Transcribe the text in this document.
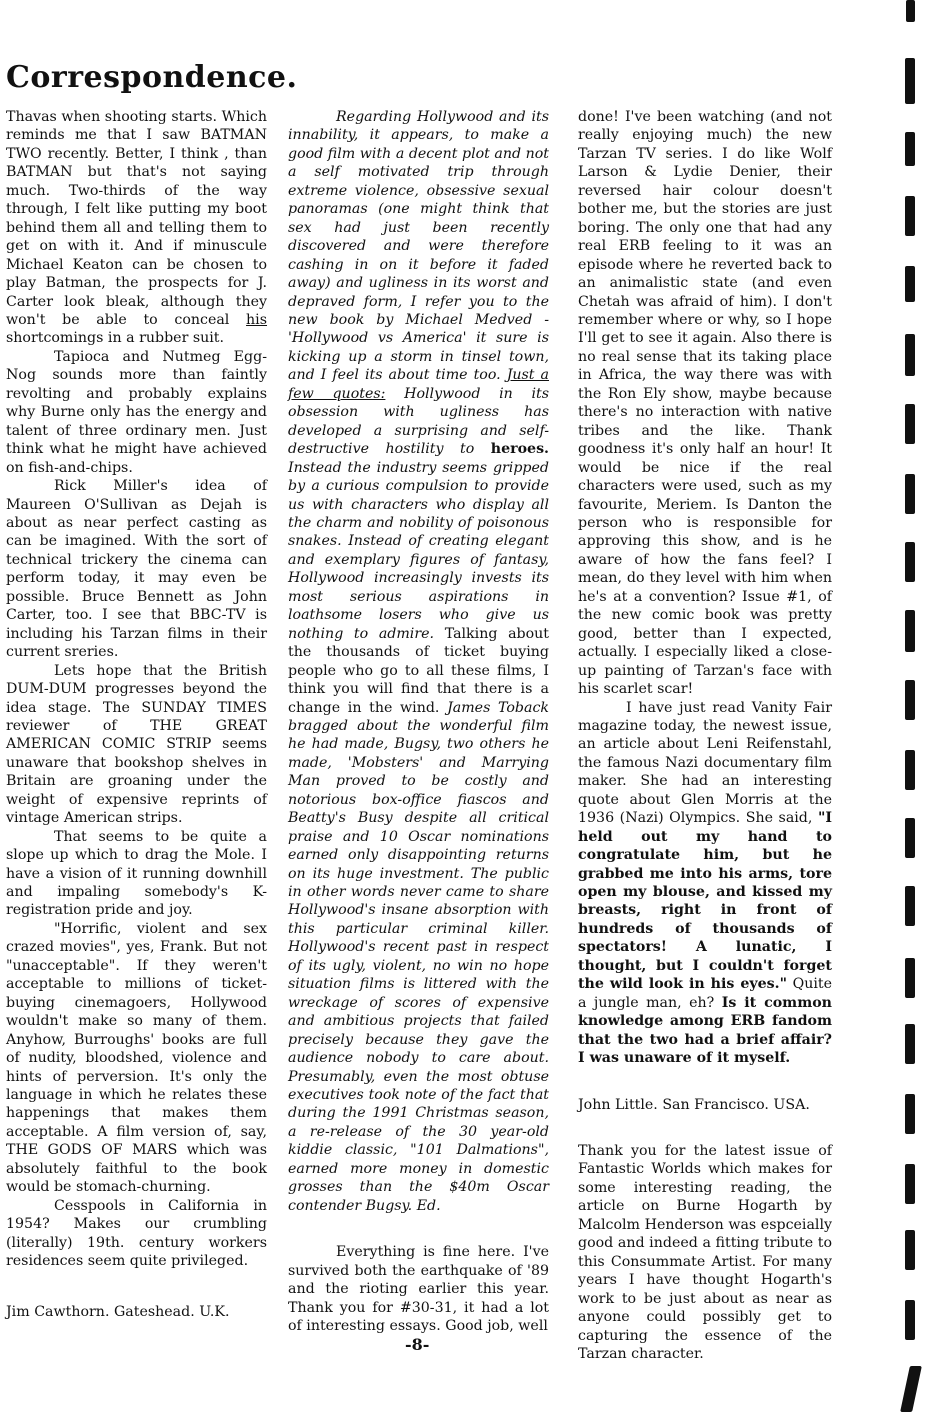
Correspondence.

Thavas when shooting starts. Which reminds me that I saw BATMAN TWO recently. Better, I think , than BATMAN but that's not saying much. Two-thirds of the way through, I felt like putting my boot behind them all and telling them to get on with it. And if minuscule Michael Keaton can be chosen to play Batman, the prospects for J. Carter look bleak, although they won't be able to conceal his shortcomings in a rubber suit.

Tapioca and Nutmeg Egg-Nog sounds more than faintly revolting and probably explains why Burne only has the energy and talent of three ordinary men. Just think what he might have achieved on fish-and-chips.

Rick Miller's idea of Maureen O'Sullivan as Dejah is about as near perfect casting as can be imagined. With the sort of technical trickery the cinema can perform today, it may even be possible. Bruce Bennett as John Carter, too. I see that BBC-TV is including his Tarzan films in their current sreries.

Lets hope that the British DUM-DUM progresses beyond the idea stage. The SUNDAY TIMES reviewer of THE GREAT AMERICAN COMIC STRIP seems unaware that bookshop shelves in Britain are groaning under the weight of expensive reprints of vintage American strips.

That seems to be quite a slope up which to drag the Mole. I have a vision of it running downhill and impaling somebody's K-registration pride and joy.

"Horrific, violent and sex crazed movies", yes, Frank. But not "unacceptable". If they weren't acceptable to millions of ticket-buying cinemagoers, Hollywood wouldn't make so many of them. Anyhow, Burroughs' books are full of nudity, bloodshed, violence and hints of perversion. It's only the language in which he relates these happenings that makes them acceptable. A film version of, say, THE GODS OF MARS which was absolutely faithful to the book would be stomach-churning.

Cesspools in California in 1954? Makes our crumbling (literally) 19th. century workers residences seem quite privileged.

Jim Cawthorn. Gateshead. U.K.

Regarding Hollywood and its innability, it appears, to make a good film with a decent plot and not a self motivated trip through extreme violence, obsessive sexual panoramas (one might think that sex had just been recently discovered and were therefore cashing in on it before it faded away) and ugliness in its worst and depraved form, I refer you to the new book by Michael Medved - 'Hollywood vs America' it sure is kicking up a storm in tinsel town, and I feel its about time too. Just a few quotes: Hollywood in its obsession with ugliness has developed a surprising and self-destructive hostility to heroes. Instead the industry seems gripped by a curious compulsion to provide us with characters who display all the charm and nobility of poisonous snakes. Instead of creating elegant and exemplary figures of fantasy, Hollywood increasingly invests its most serious aspirations in loathsome losers who give us nothing to admire. Talking about the thousands of ticket buying people who go to all these films, I think you will find that there is a change in the wind. James Toback bragged about the wonderful film he had made, Bugsy, two others he made, 'Mobsters' and Marrying Man proved to be costly and notorious box-office fiascos and Beatty's Busy despite all critical praise and 10 Oscar nominations earned only disappointing returns on its huge investment. The public in other words never came to share Hollywood's insane absorption with this particular criminal killer. Hollywood's recent past in respect of its ugly, violent, no win no hope situation films is littered with the wreckage of scores of expensive and ambitious projects that failed precisely because they gave the audience nobody to care about. Presumably, even the most obtuse executives took note of the fact that during the 1991 Christmas season, a re-release of the 30 year-old kiddie classic, "101 Dalmations", earned more money in domestic grosses than the $40m Oscar contender Bugsy. Ed.

Everything is fine here. I've survived both the earthquake of '89 and the rioting earlier this year. Thank you for #30-31, it had a lot of interesting essays. Good job, well

done! I've been watching (and not really enjoying much) the new Tarzan TV series. I do like Wolf Larson & Lydie Denier, their reversed hair colour doesn't bother me, but the stories are just boring. The only one that had any real ERB feeling to it was an episode where he reverted back to an animalistic state (and even Chetah was afraid of him). I don't remember where or why, so I hope I'll get to see it again. Also there is no real sense that its taking place in Africa, the way there was with the Ron Ely show, maybe because there's no interaction with native tribes and the like. Thank goodness it's only half an hour! It would be nice if the real characters were used, such as my favourite, Meriem. Is Danton the person who is responsible for approving this show, and is he aware of how the fans feel? I mean, do they level with him when he's at a convention? Issue #1, of the new comic book was pretty good, better than I expected, actually. I especially liked a close-up painting of Tarzan's face with his scarlet scar!

I have just read Vanity Fair magazine today, the newest issue, an article about Leni Reifenstahl, the famous Nazi documentary film maker. She had an interesting quote about Glen Morris at the 1936 (Nazi) Olympics. She said, "I held out my hand to congratulate him, but he grabbed me into his arms, tore open my blouse, and kissed my breasts, right in front of hundreds of thousands of spectators! A lunatic, I thought, but I couldn't forget the wild look in his eyes." Quite a jungle man, eh? Is it common knowledge among ERB fandom that the two had a brief affair? I was unaware of it myself.

John Little. San Francisco. USA.

Thank you for the latest issue of Fantastic Worlds which makes for some interesting reading, the article on Burne Hogarth by Malcolm Henderson was espceially good and indeed a fitting tribute to this Consummate Artist. For many years I have thought Hogarth's work to be just about as near as anyone could possibly get to capturing the essence of the Tarzan character.

-8-
